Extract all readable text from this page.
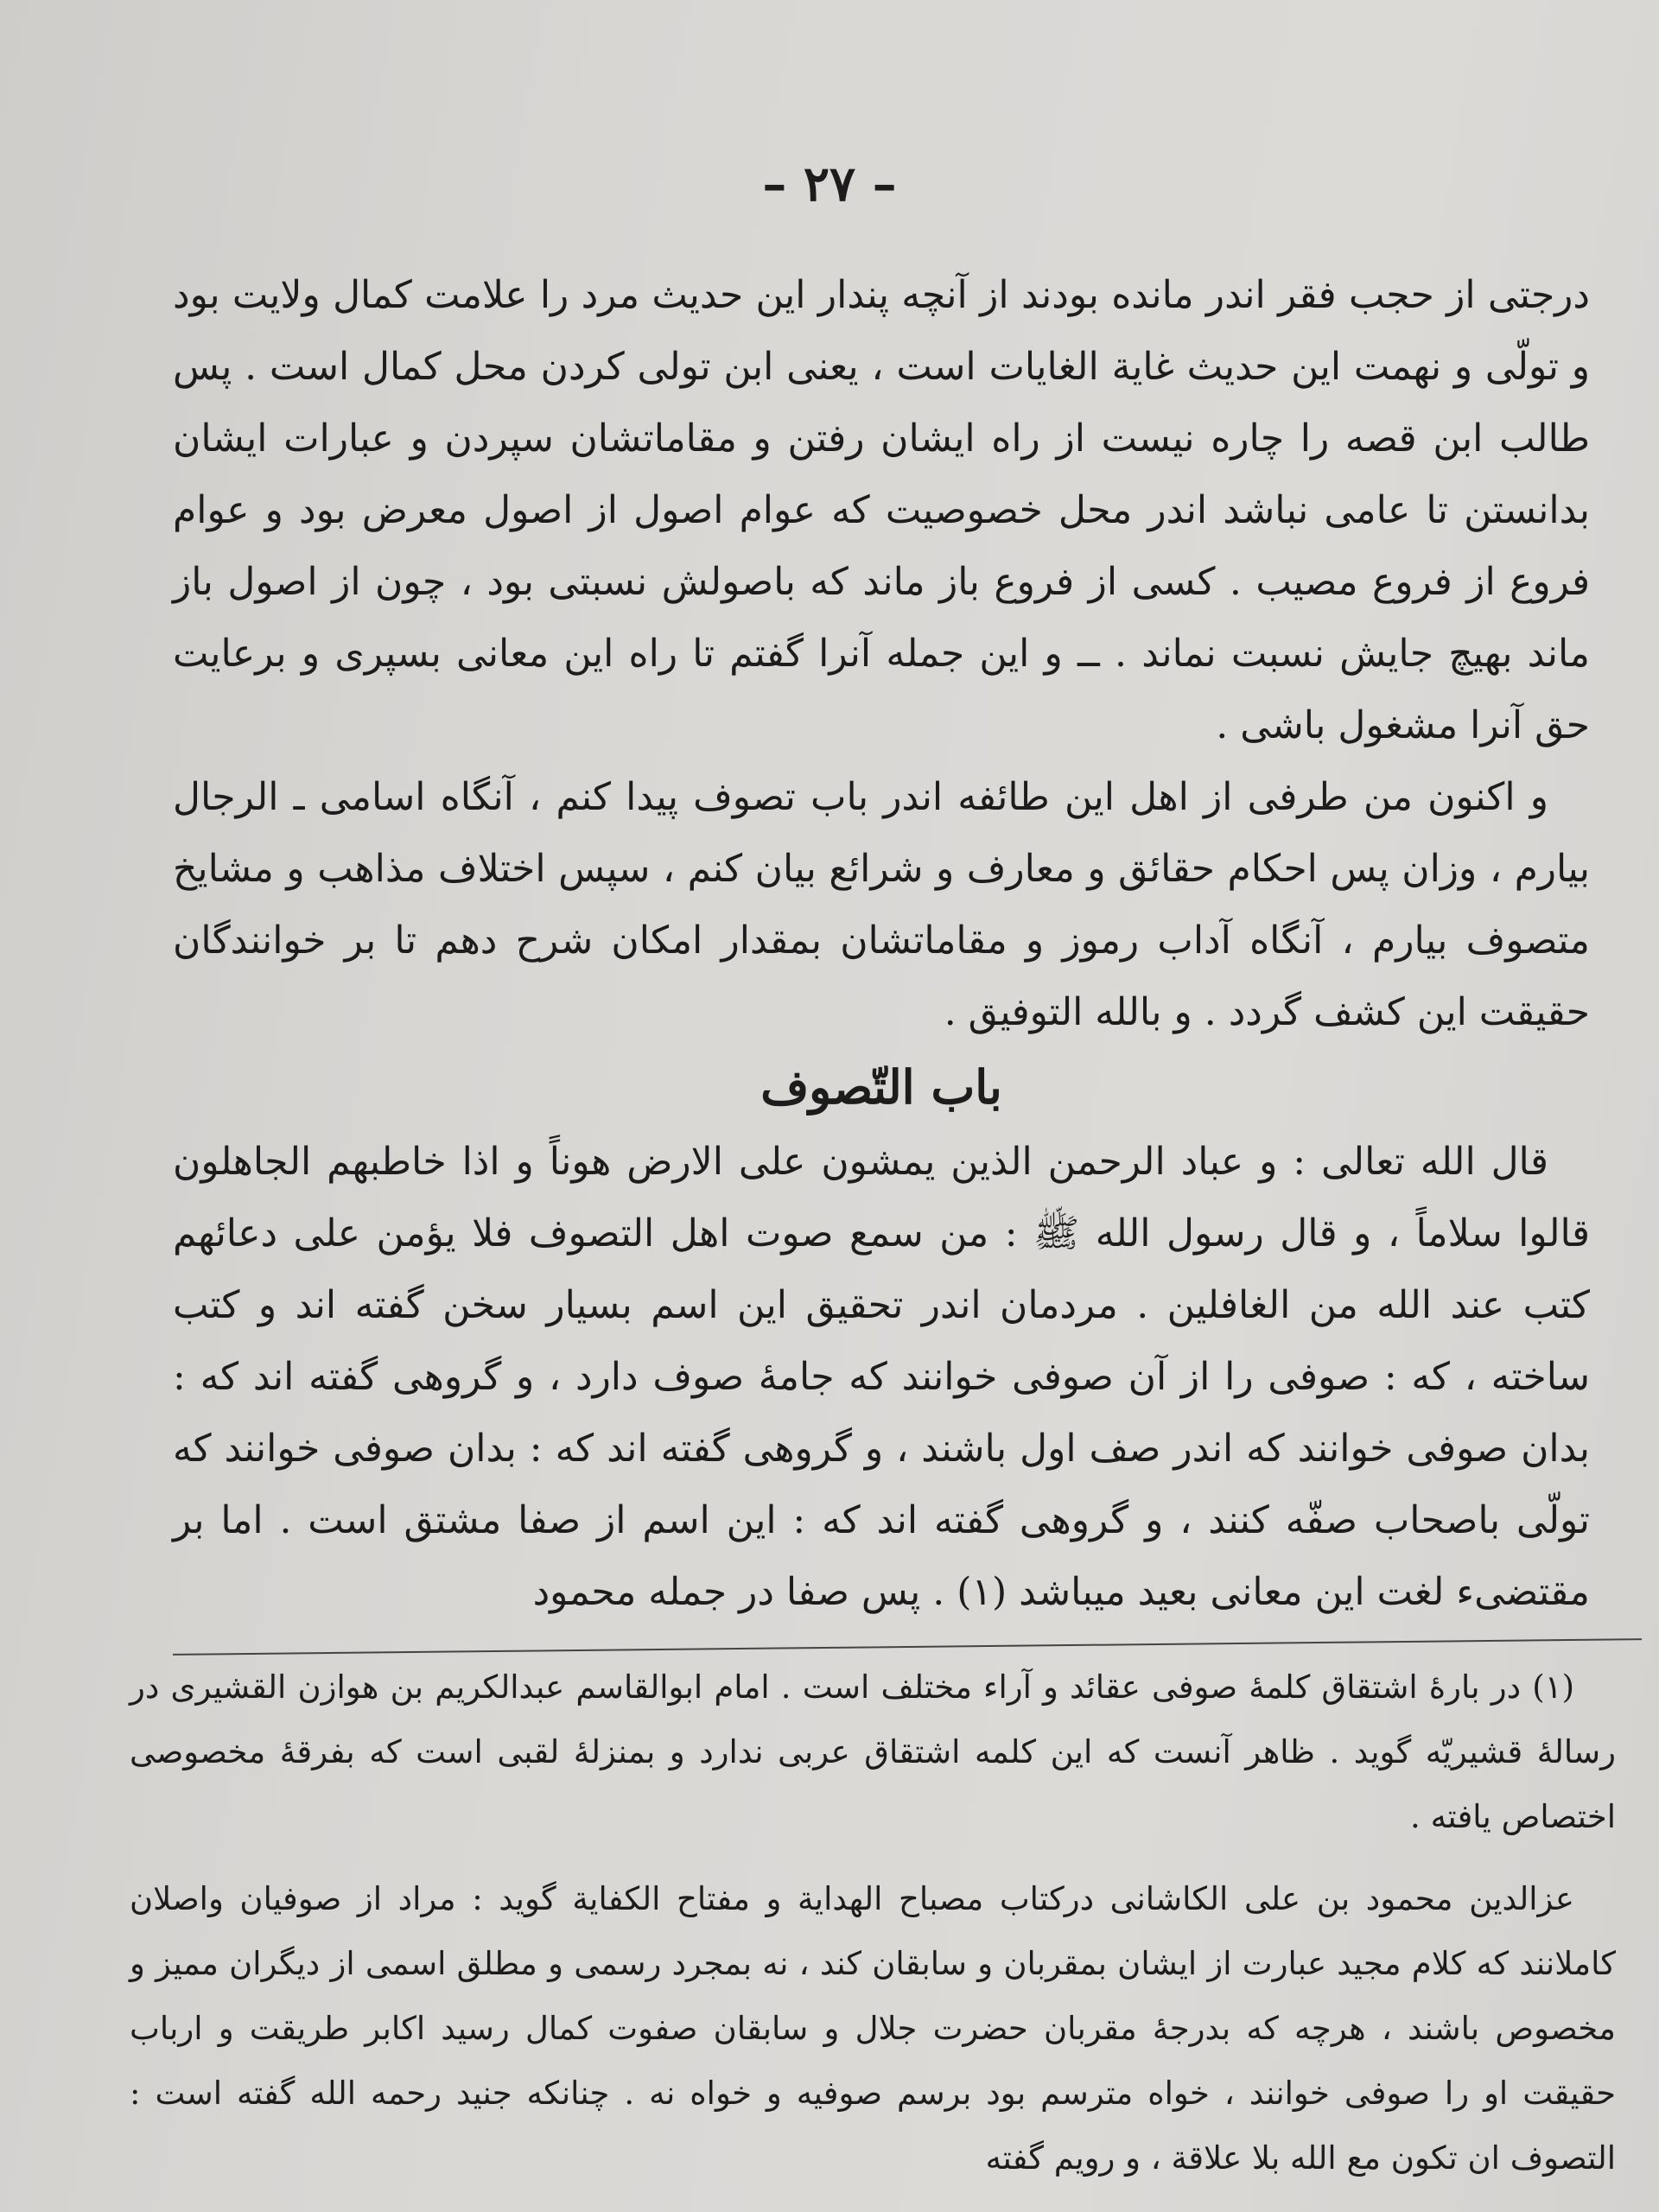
– ۲۷ –

درجتی از حجب فقر اندر مانده بودند از آنچه پندار این حدیث مرد را علامت کمال ولایت بود و تولّی و نهمت این حدیث غایة الغایات است ، یعنی ابن تولی کردن محل کمال است . پس طالب ابن قصه را چاره نیست از راه ایشان رفتن و مقاماتشان سپردن و عبارات ایشان بدانستن تا عامی نباشد اندر محل خصوصیت که عوام اصول از اصول معرض بود و عوام فروع از فروع مصیب . کسی از فروع باز ماند که باصولش نسبتی بود ، چون از اصول باز ماند بهیچ جایش نسبت نماند . ــ و این جمله آنرا گفتم تا راه این معانی بسپری و برعایت حق آنرا مشغول باشی .

و اکنون من طرفی از اهل این طائفه اندر باب تصوف پیدا کنم ، آنگاه اسامی ـ الرجال بیارم ، وزان پس احکام حقائق و معارف و شرائع بیان کنم ، سپس اختلاف مذاهب و مشایخ متصوف بیارم ، آنگاه آداب رموز و مقاماتشان بمقدار امکان شرح دهم تا بر خوانندگان حقیقت این کشف گردد . و بالله التوفیق .

باب التّصوف

قال الله تعالی : و عباد الرحمن الذین یمشون علی الارض هوناً و اذا خاطبهم الجاهلون قالوا سلاماً ، و قال رسول الله ﷺ : من سمع صوت اهل التصوف فلا یؤمن علی دعائهم کتب عند الله من الغافلین . مردمان اندر تحقیق این اسم بسیار سخن گفته اند و کتب ساخته ، که : صوفی را از آن صوفی خوانند که جامهٔ صوف دارد ، و گروهی گفته اند که : بدان صوفی خوانند که اندر صف اول باشند ، و گروهی گفته اند که : بدان صوفی خوانند که تولّی باصحاب صفّه کنند ، و گروهی گفته اند که : این اسم از صفا مشتق است . اما بر مقتضیء لغت این معانی بعید میباشد (۱) . پس صفا در جمله محمود

(۱) در بارهٔ اشتقاق کلمهٔ صوفی عقائد و آراء مختلف است . امام ابوالقاسم عبدالکریم بن هوازن القشیری در رسالهٔ قشیریّه گوید . ظاهر آنست که این کلمه اشتقاق عربی ندارد و بمنزلهٔ لقبی است که بفرقهٔ مخصوصی اختصاص یافته .

عزالدین محمود بن علی الکاشانی درکتاب مصباح الهدایة و مفتاح الکفایة گوید : مراد از صوفیان واصلان کاملانند که کلام مجید عبارت از ایشان بمقربان و سابقان کند ، نه بمجرد رسمی و مطلق اسمی از دیگران ممیز و مخصوص باشند ، هرچه که بدرجهٔ مقربان حضرت جلال و سابقان صفوت کمال رسید اکابر طریقت و ارباب حقیقت او را صوفی خوانند ، خواه مترسم بود برسم صوفیه و خواه نه . چنانکه جنید رحمه الله گفته است : التصوف ان تکون مع الله بلا علاقة ، و رویم گفته
